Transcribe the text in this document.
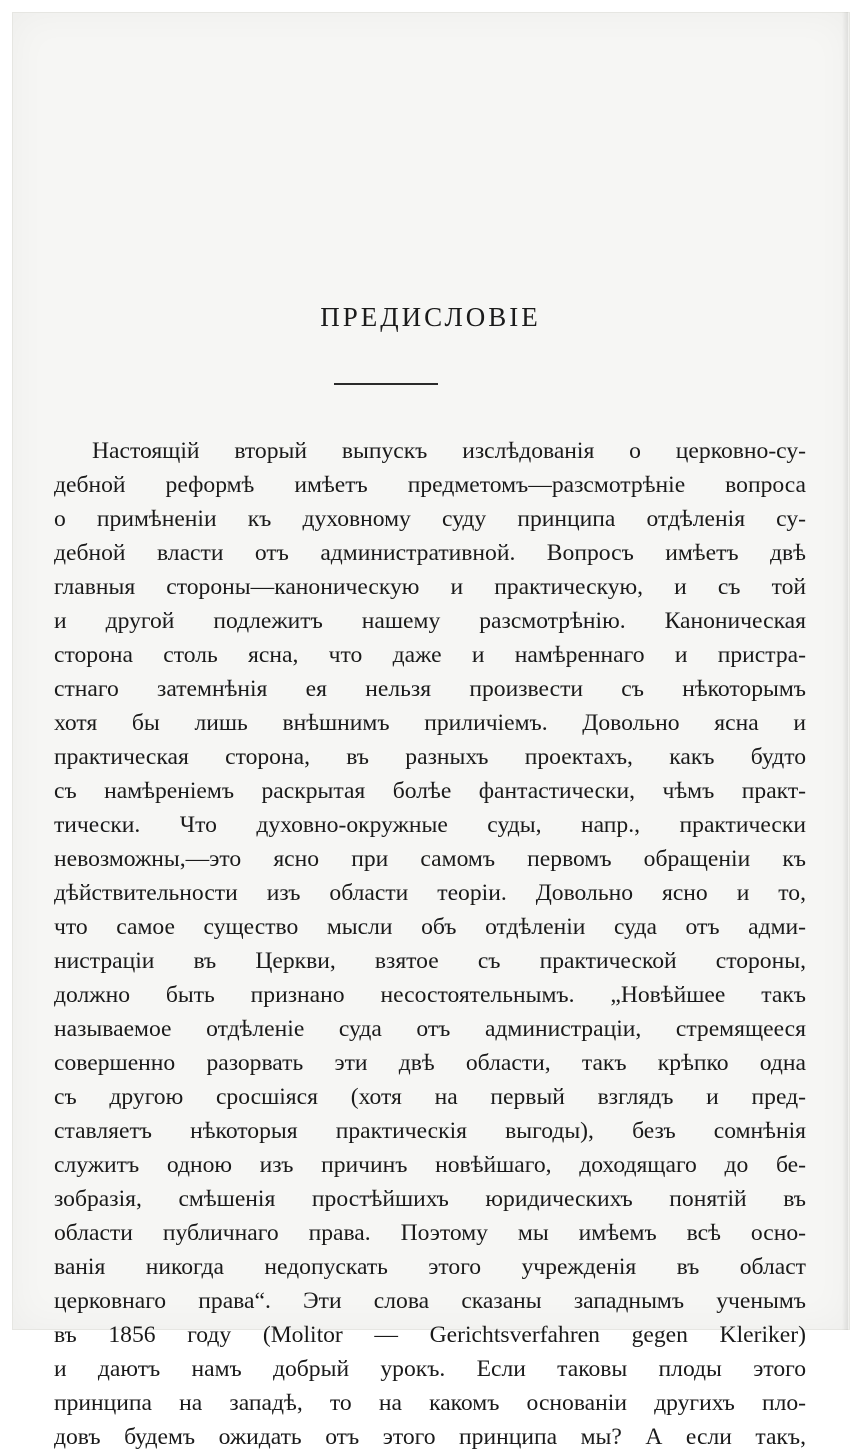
ПРЕДИСЛОВІЕ
Настоящій вторый выпускъ изслѣдованія о церковно-су-
дебной реформѣ имѣетъ предметомъ—разсмотрѣніе вопроса
о примѣненіи къ духовному суду принципа отдѣленія су-
дебной власти отъ административной. Вопросъ имѣетъ двѣ
главныя стороны—каноническую и практическую, и съ той
и другой подлежитъ нашему разсмотрѣнію. Каноническая
сторона столь ясна, что даже и намѣреннаго и пристра-
стнаго затемнѣнія ея нельзя произвести съ нѣкоторымъ
хотя бы лишь внѣшнимъ приличіемъ. Довольно ясна и
практическая сторона, въ разныхъ проектахъ, какъ будто
съ намѣреніемъ раскрытая болѣе фантастически, чѣмъ практ-
тически. Что духовно-окружные суды, напр., практически
невозможны,—это ясно при самомъ первомъ обращеніи къ
дѣйствительности изъ области теоріи. Довольно ясно и то,
что самое существо мысли объ отдѣленіи суда отъ адми-
нистраціи въ Церкви, взятое съ практической стороны,
должно быть признано несостоятельнымъ. „Новѣйшее такъ
называемое отдѣленіе суда отъ администраціи, стремящееся
совершенно разорвать эти двѣ области, такъ крѣпко одна
съ другою сросшіяся (хотя на первый взглядъ и пред-
ставляетъ нѣкоторыя практическія выгоды), безъ сомнѣнія
служитъ одною изъ причинъ новѣйшаго, доходящаго до бе-
зобразія, смѣшенія простѣйшихъ юридическихъ понятій въ
области публичнаго права. Поэтому мы имѣемъ всѣ осно-
ванія никогда недопускать этого учрежденія въ област
церковнаго права“. Эти слова сказаны западнымъ ученымъ
въ 1856 году (Molitor — Gerichtsverfahren gegen Kleriker)
и даютъ намъ добрый урокъ. Если таковы плоды этого
принципа на западѣ, то на какомъ основаніи другихъ пло-
довъ будемъ ожидать отъ этого принципа мы? А если такъ,
